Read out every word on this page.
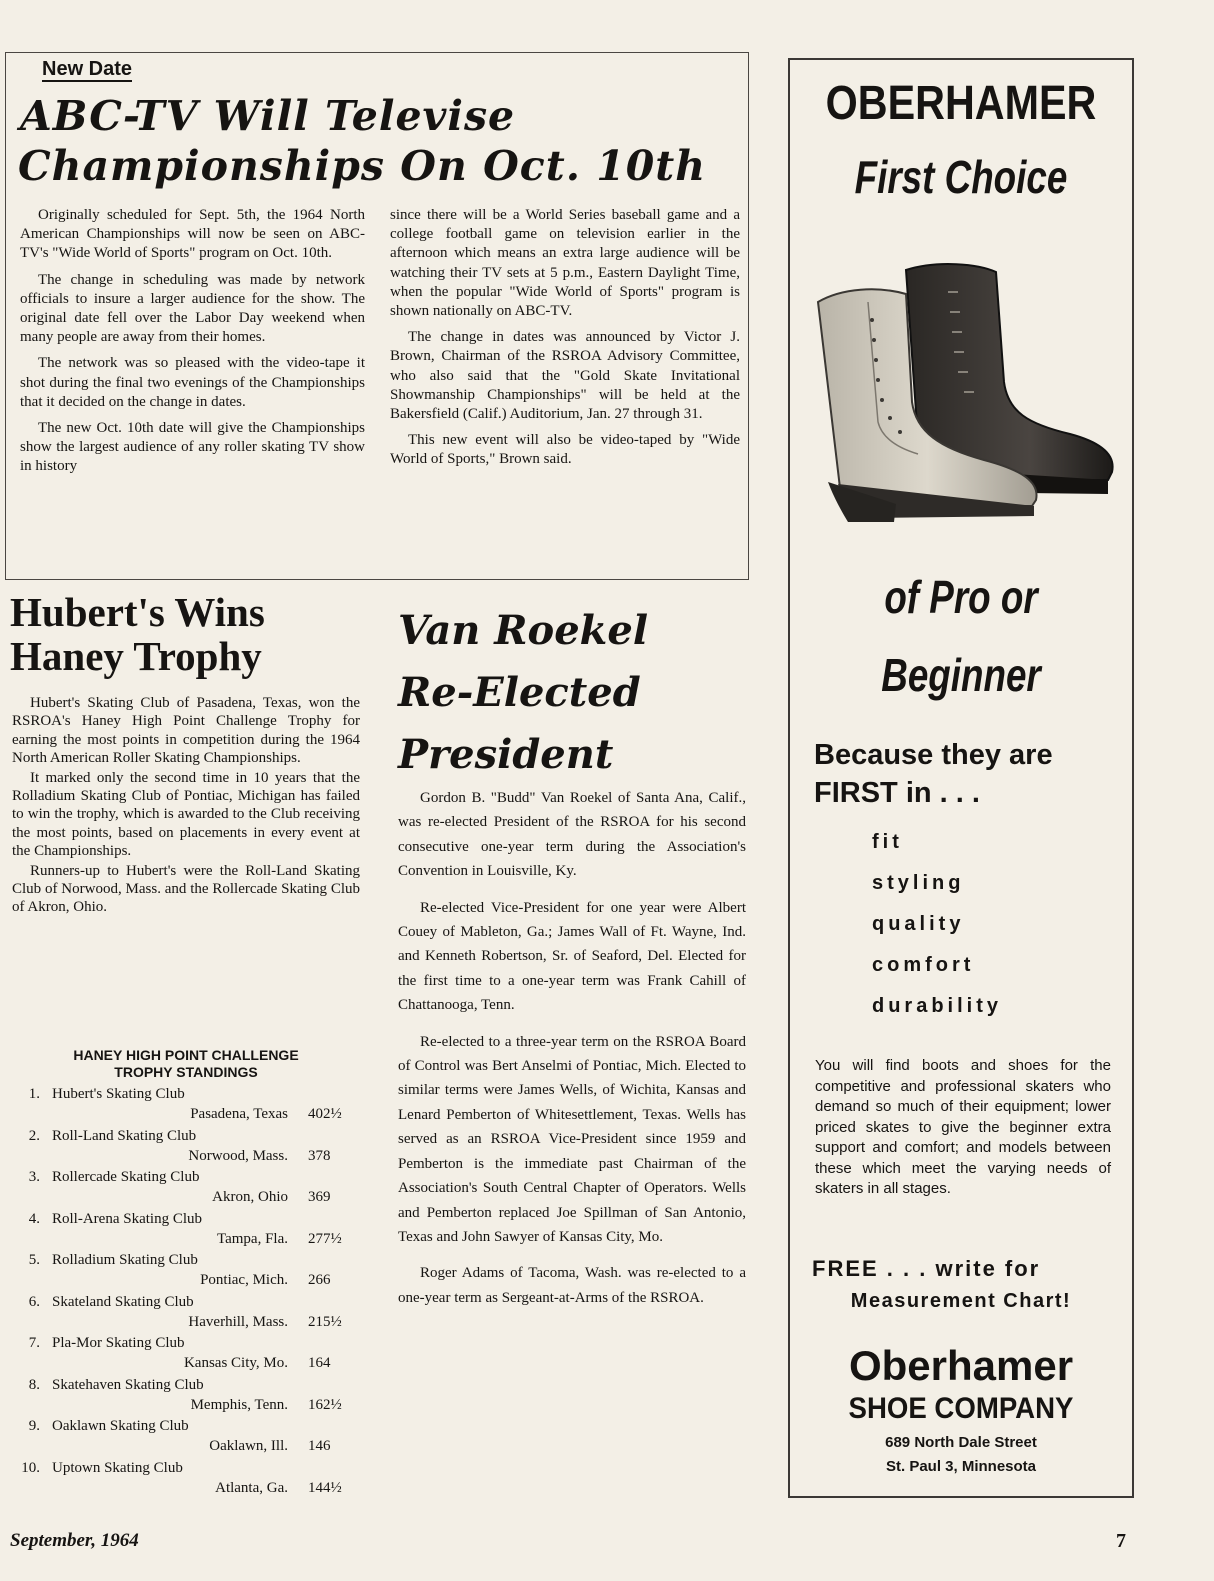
New Date
ABC-TV Will Televise
Championships On Oct. 10th

Originally scheduled for Sept. 5th, the 1964 North American Championships will now be seen on ABC-TV's "Wide World of Sports" program on Oct. 10th.

The change in scheduling was made by network officials to insure a larger audience for the show. The original date fell over the Labor Day weekend when many people are away from their homes.

The network was so pleased with the video-tape it shot during the final two evenings of the Championships that it decided on the change in dates.

The new Oct. 10th date will give the Championships show the largest audience of any roller skating TV show in history

since there will be a World Series baseball game and a college football game on television earlier in the afternoon which means an extra large audience will be watching their TV sets at 5 p.m., Eastern Daylight Time, when the popular "Wide World of Sports" program is shown nationally on ABC-TV.

The change in dates was announced by Victor J. Brown, Chairman of the RSROA Advisory Committee, who also said that the "Gold Skate Invitational Showmanship Championships" will be held at the Bakersfield (Calif.) Auditorium, Jan. 27 through 31.

This new event will also be video-taped by "Wide World of Sports," Brown said.

Hubert's Wins
Haney Trophy

Hubert's Skating Club of Pasadena, Texas, won the RSROA's Haney High Point Challenge Trophy for earning the most points in competition during the 1964 North American Roller Skating Championships.

It marked only the second time in 10 years that the Rolladium Skating Club of Pontiac, Michigan has failed to win the trophy, which is awarded to the Club receiving the most points, based on placements in every event at the Championships.

Runners-up to Hubert's were the Roll-Land Skating Club of Norwood, Mass. and the Rollercade Skating Club of Akron, Ohio.

HANEY HIGH POINT CHALLENGE
TROPHY STANDINGS
1. Hubert's Skating Club
Pasadena, Texas 402½
2. Roll-Land Skating Club
Norwood, Mass. 378
3. Rollercade Skating Club
Akron, Ohio 369
4. Roll-Arena Skating Club
Tampa, Fla. 277½
5. Rolladium Skating Club
Pontiac, Mich. 266
6. Skateland Skating Club
Haverhill, Mass. 215½
7. Pla-Mor Skating Club
Kansas City, Mo. 164
8. Skatehaven Skating Club
Memphis, Tenn. 162½
9. Oaklawn Skating Club
Oaklawn, Ill. 146
10. Uptown Skating Club
Atlanta, Ga. 144½
Van Roekel
Re-Elected
President

Gordon B. "Budd" Van Roekel of Santa Ana, Calif., was re-elected President of the RSROA for his second consecutive one-year term during the Association's Convention in Louisville, Ky.

Re-elected Vice-President for one year were Albert Couey of Mableton, Ga.; James Wall of Ft. Wayne, Ind. and Kenneth Robertson, Sr. of Seaford, Del. Elected for the first time to a one-year term was Frank Cahill of Chattanooga, Tenn.

Re-elected to a three-year term on the RSROA Board of Control was Bert Anselmi of Pontiac, Mich. Elected to similar terms were James Wells, of Wichita, Kansas and Lenard Pemberton of Whitesettlement, Texas. Wells has served as an RSROA Vice-President since 1959 and Pemberton is the immediate past Chairman of the Association's South Central Chapter of Operators. Wells and Pemberton replaced Joe Spillman of San Antonio, Texas and John Sawyer of Kansas City, Mo.

Roger Adams of Tacoma, Wash. was re-elected to a one-year term as Sergeant-at-Arms of the RSROA.

OBERHAMER
First Choice
of Pro or
Beginner
Because they are
FIRST in . . .
fit
styling
quality
comfort
durability
You will find boots and shoes for the competitive and professional skaters who demand so much of their equipment; lower priced skates to give the beginner extra support and comfort; and models between these which meet the varying needs of skaters in all stages.
FREE . . . write for
Measurement Chart!
Oberhamer
SHOE COMPANY
689 North Dale Street
St. Paul 3, Minnesota
September, 1964	7
